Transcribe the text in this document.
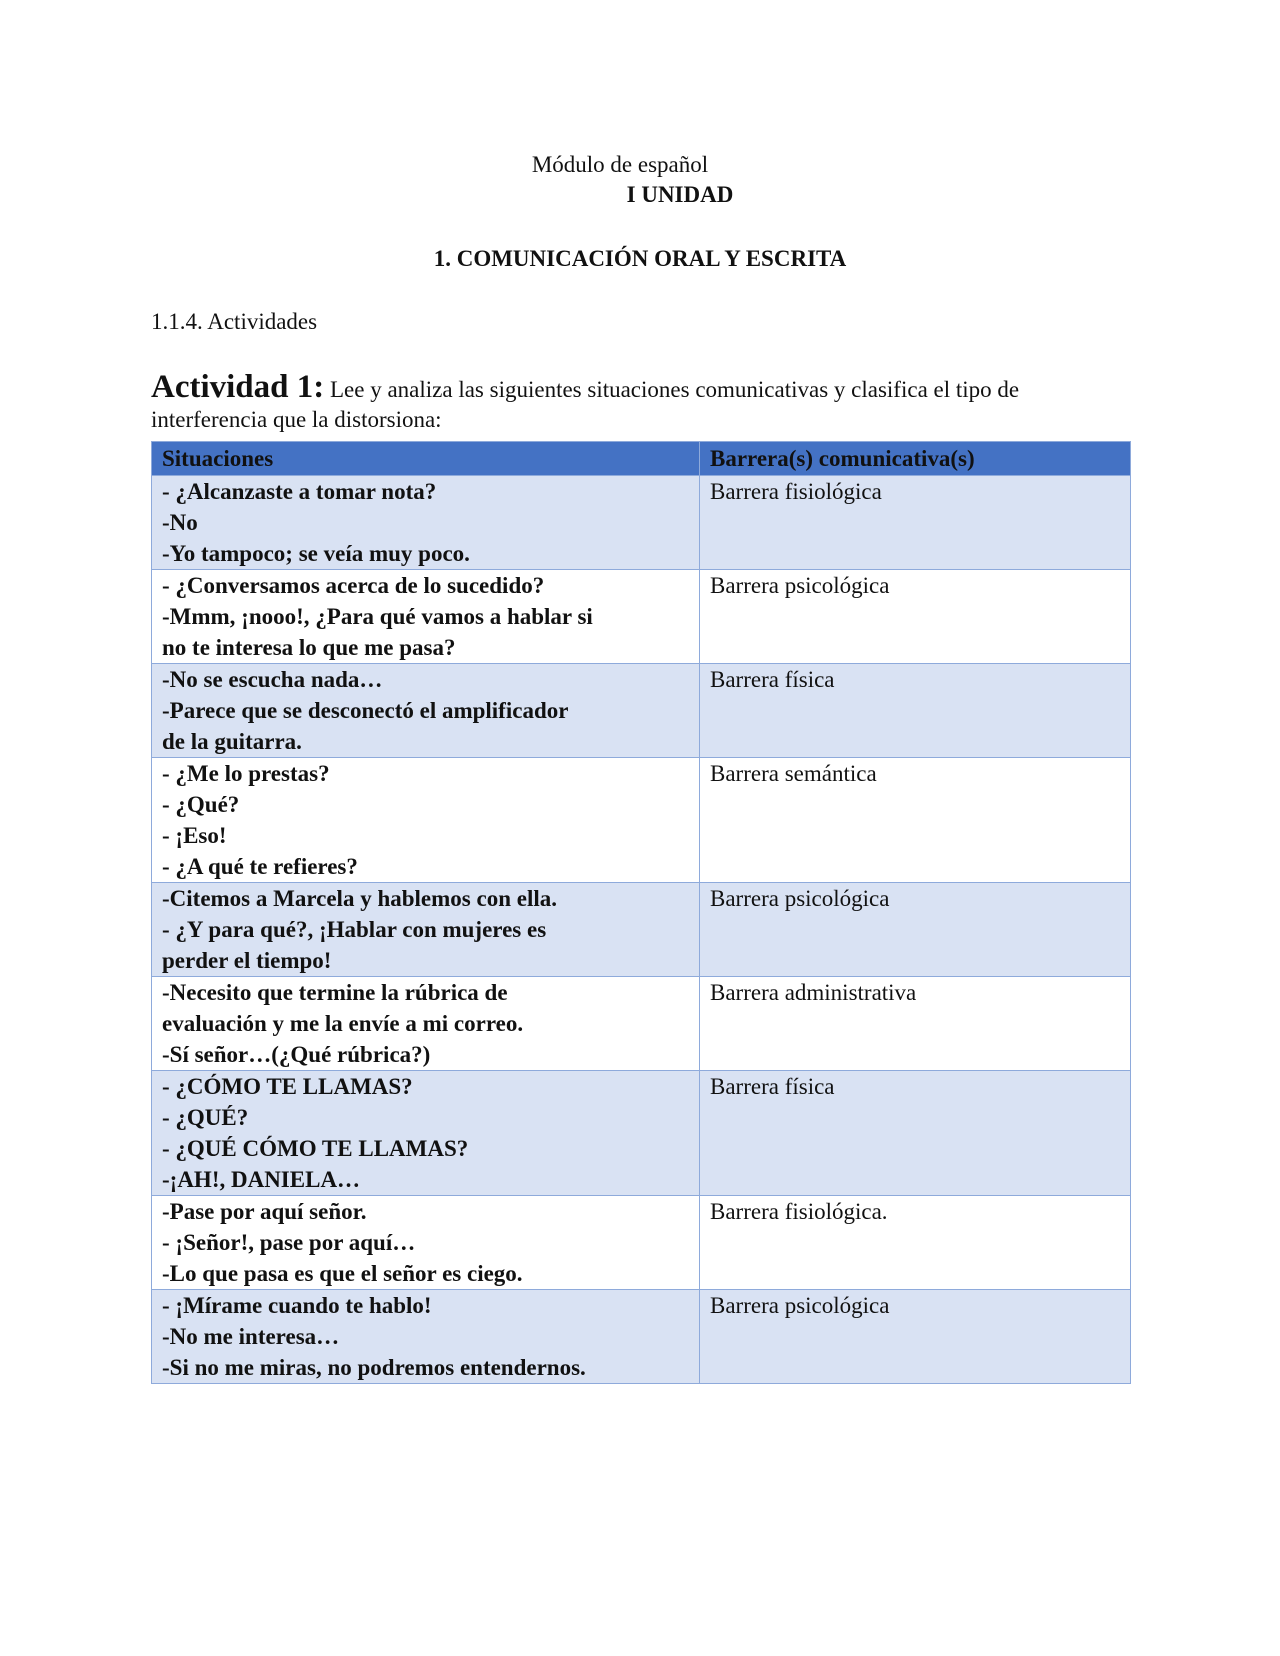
Módulo de español
I UNIDAD
1. COMUNICACIÓN ORAL Y ESCRITA
1.1.4. Actividades
Actividad 1: Lee y analiza las siguientes situaciones comunicativas y clasifica el tipo de interferencia que la distorsiona:
Situaciones	Barrera(s) comunicativa(s)

- ¿Alcanzaste a tomar nota?
-No
-Yo tampoco; se veía muy poco.	Barrera fisiológica

- ¿Conversamos acerca de lo sucedido?
-Mmm, ¡nooo!, ¿Para qué vamos a hablar si
no te interesa lo que me pasa?	Barrera psicológica

-No se escucha nada…
-Parece que se desconectó el amplificador
de la guitarra.	Barrera física

- ¿Me lo prestas?
- ¿Qué?
- ¡Eso!
- ¿A qué te refieres?	Barrera semántica

-Citemos a Marcela y hablemos con ella.
- ¿Y para qué?, ¡Hablar con mujeres es
perder el tiempo!	Barrera psicológica

-Necesito que termine la rúbrica de
evaluación y me la envíe a mi correo.
-Sí señor…(¿Qué rúbrica?)	Barrera administrativa

- ¿CÓMO TE LLAMAS?
- ¿QUÉ?
- ¿QUÉ CÓMO TE LLAMAS?
-¡AH!, DANIELA…	Barrera física

-Pase por aquí señor.
- ¡Señor!, pase por aquí…
-Lo que pasa es que el señor es ciego.	Barrera fisiológica.

- ¡Mírame cuando te hablo!
-No me interesa…
-Si no me miras, no podremos entendernos.	Barrera psicológica
